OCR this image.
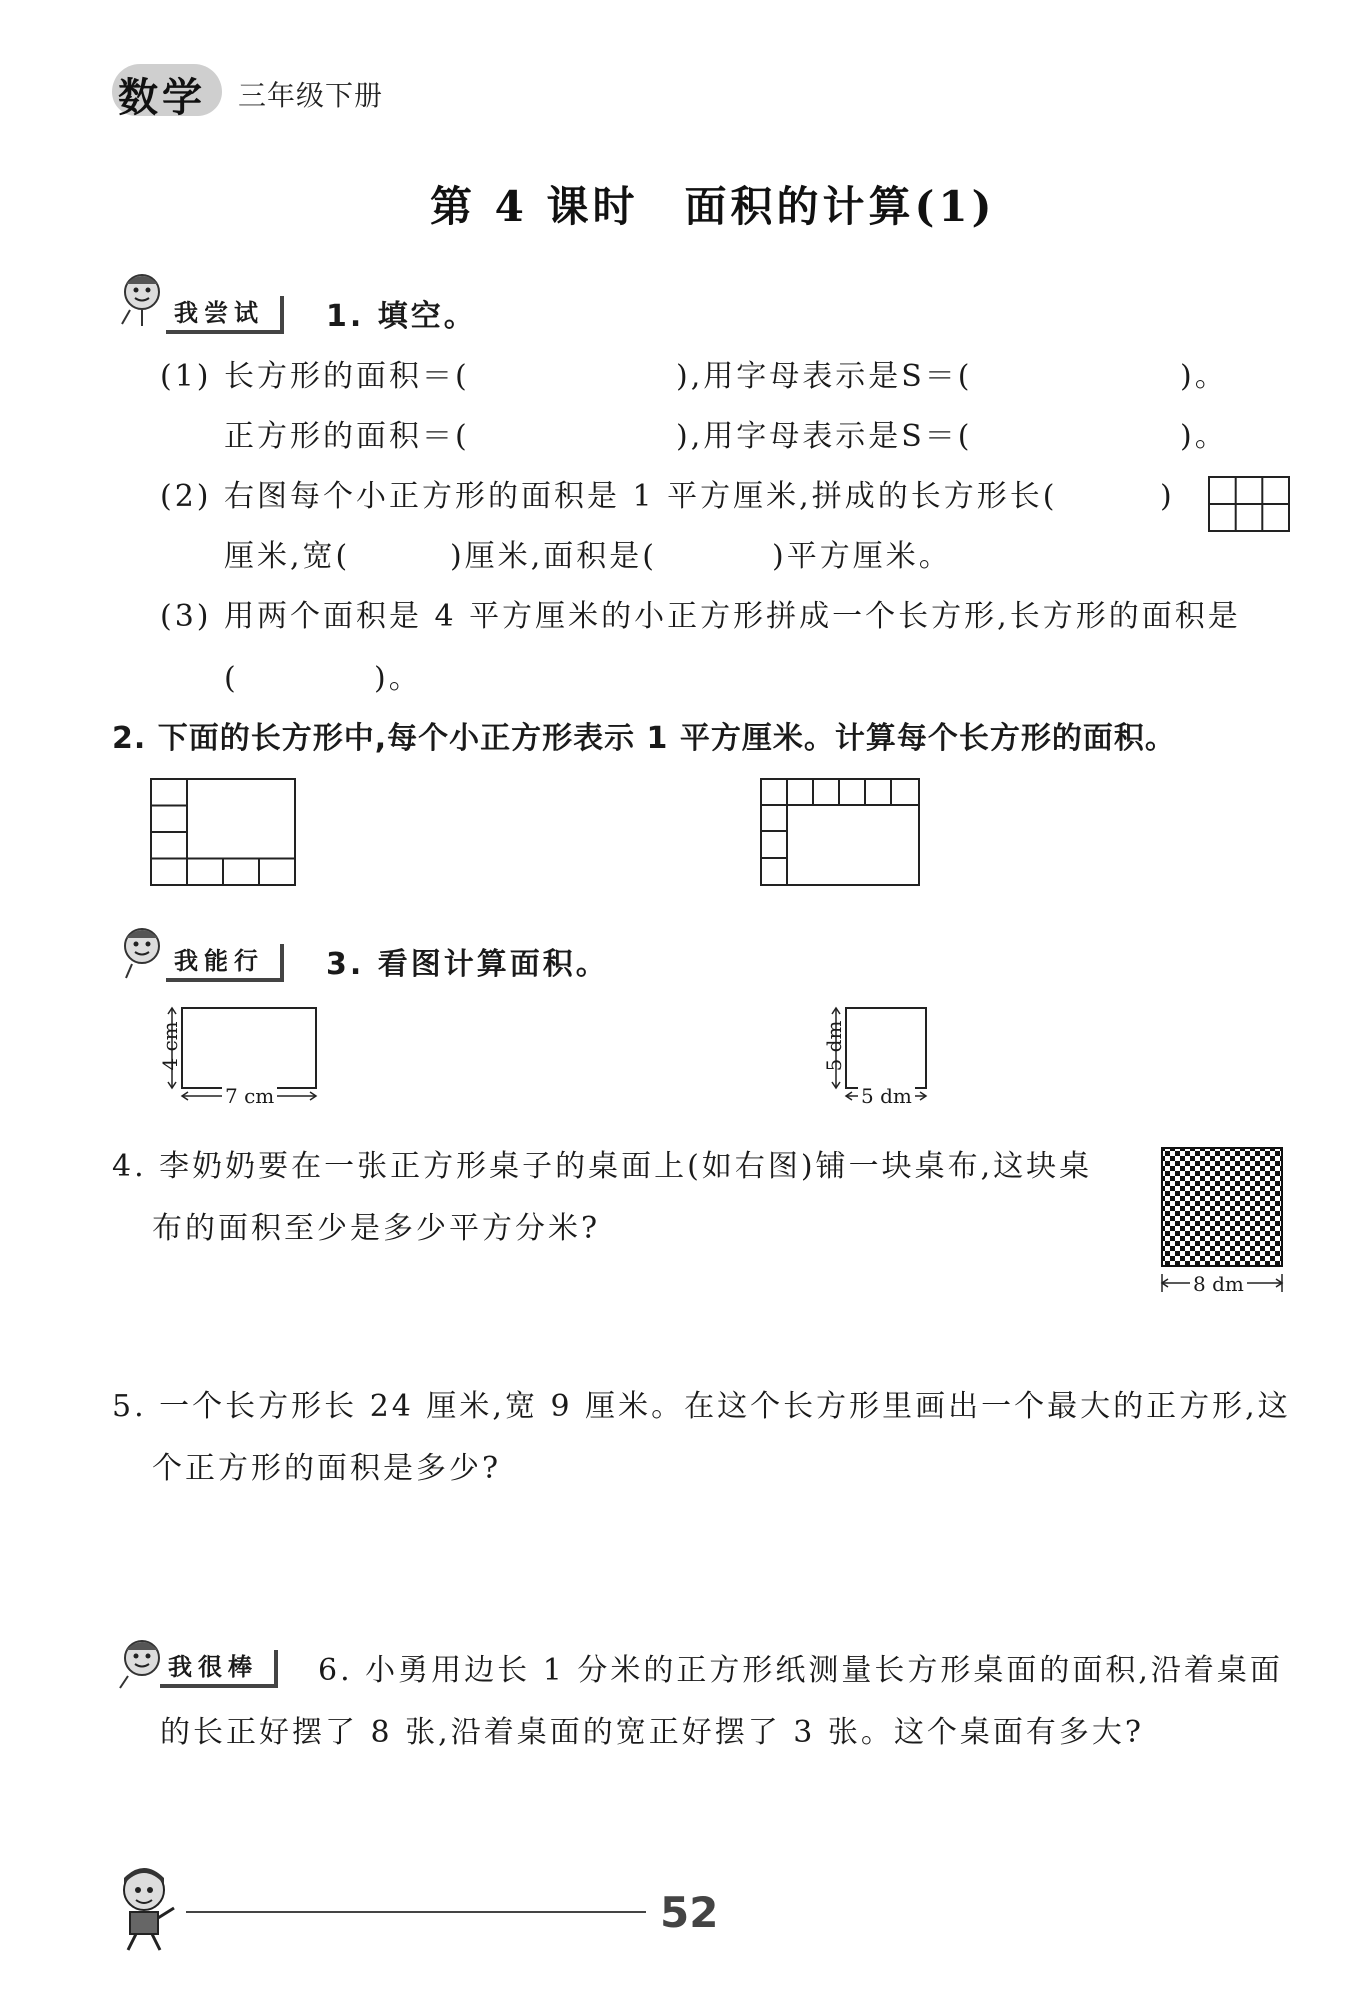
数学 三年级下册
第 4 课时　面积的计算(1)
我尝试	1. 填空。
(1) 长方形的面积＝(	),用字母表示是S＝(	)。
正方形的面积＝(	),用字母表示是S＝(	)。
(2) 右图每个小正方形的面积是 1 平方厘米,拼成的长方形长(	)
厘米,宽(	)厘米,面积是(	)平方厘米。
(3) 用两个面积是 4 平方厘米的小正方形拼成一个长方形,长方形的面积是
(	)。
2. 下面的长方形中,每个小正方形表示 1 平方厘米。计算每个长方形的面积。
我能行	3. 看图计算面积。
4 cm
7 cm
5 dm
5 dm
4. 李奶奶要在一张正方形桌子的桌面上(如右图)铺一块桌布,这块桌
布的面积至少是多少平方分米?
8 dm
5. 一个长方形长 24 厘米,宽 9 厘米。在这个长方形里画出一个最大的正方形,这
个正方形的面积是多少?
我很棒	6. 小勇用边长 1 分米的正方形纸测量长方形桌面的面积,沿着桌面
的长正好摆了 8 张,沿着桌面的宽正好摆了 3 张。这个桌面有多大?
52
